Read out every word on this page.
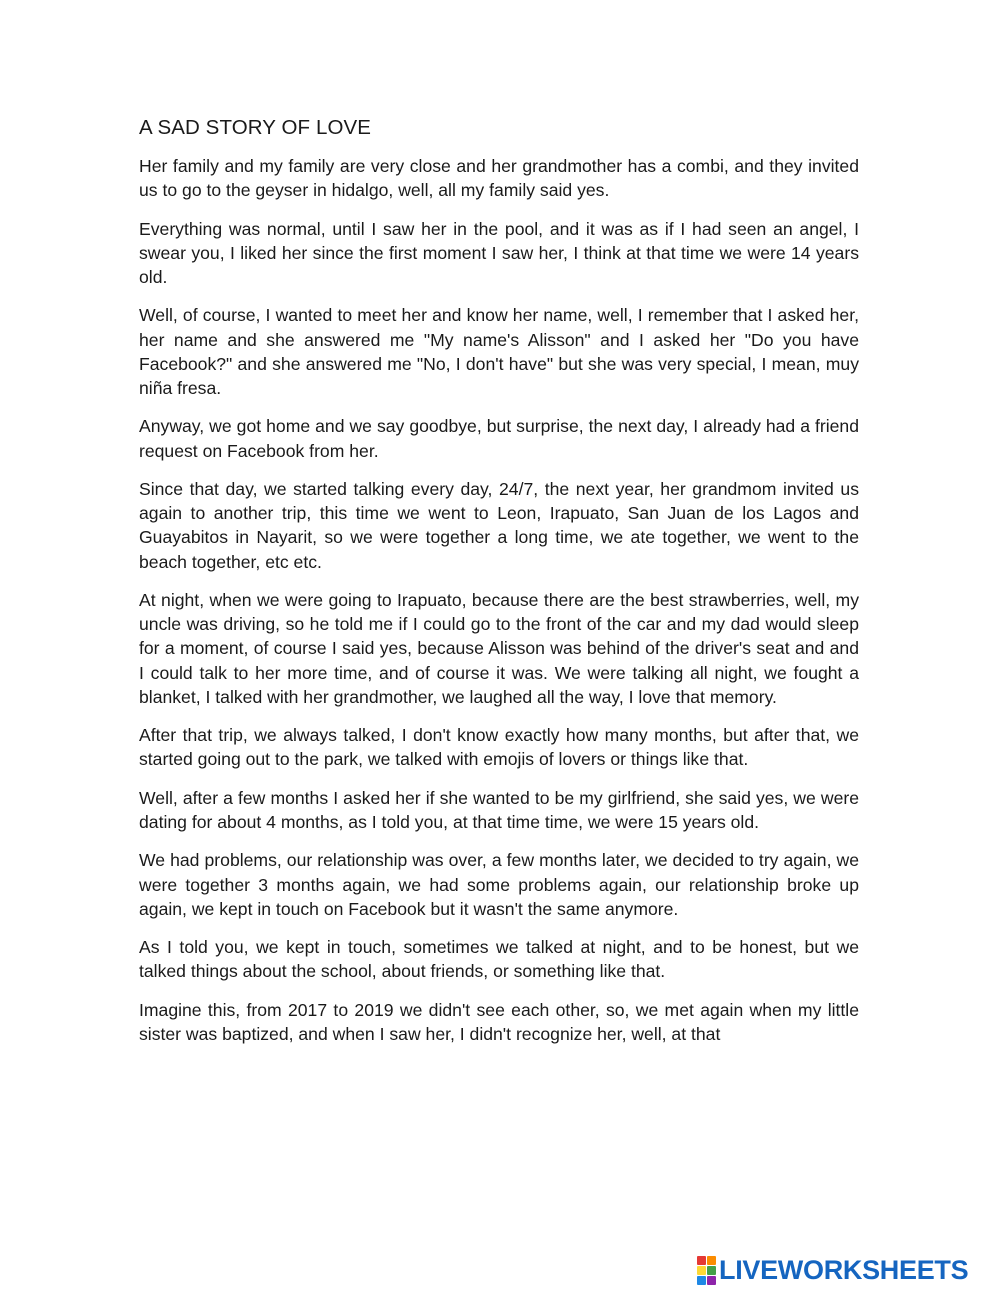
A SAD STORY OF LOVE

Her family and my family are very close and her grandmother has a combi, and they invited us to go to the geyser in hidalgo, well, all my family said yes.

Everything was normal, until I saw her in the pool, and it was as if I had seen an angel, I swear you, I liked her since the first moment I saw her, I think at that time we were 14 years old.

Well, of course, I wanted to meet her and know her name, well, I remember that I asked her, her name and she answered me "My name's Alisson" and I asked her "Do you have Facebook?" and she answered me "No, I don't have" but she was very special, I mean, muy niña fresa.

Anyway, we got home and we say goodbye, but surprise, the next day, I already had a friend request on Facebook from her.

Since that day, we started talking every day, 24/7, the next year, her grandmom invited us again to another trip, this time we went to Leon, Irapuato, San Juan de los Lagos and Guayabitos in Nayarit, so we were together a long time, we ate together, we went to the beach together, etc etc.

At night, when we were going to Irapuato, because there are the best strawberries, well, my uncle was driving, so he told me if I could go to the front of the car and my dad would sleep for a moment, of course I said yes, because Alisson was behind of the driver's seat and and I could talk to her more time, and of course it was. We were talking all night, we fought a blanket, I talked with her grandmother, we laughed all the way, I love that memory.

After that trip, we always talked, I don't know exactly how many months, but after that, we started going out to the park, we talked with emojis of lovers or things like that.

Well, after a few months I asked her if she wanted to be my girlfriend, she said yes, we were dating for about 4 months, as I told you, at that time time, we were 15 years old.

We had problems, our relationship was over, a few months later, we decided to try again, we were together 3 months again, we had some problems again, our relationship broke up again, we kept in touch on Facebook but it wasn't the same anymore.

As I told you, we kept in touch, sometimes we talked at night, and to be honest, but we talked things about the school, about friends, or something like that.

Imagine this, from 2017 to 2019 we didn't see each other, so, we met again when my little sister was baptized, and when I saw her, I didn't recognize her, well, at that

LIVEWORKSHEETS
